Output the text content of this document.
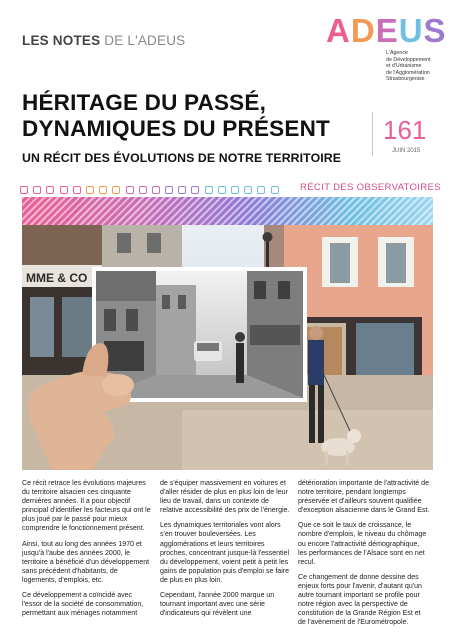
LES NOTES DE L'ADEUS	ADEUS
L'Agence
de Développement
et d'Urbanisme
de l'Agglomération
Strasbourgeoise
HÉRITAGE DU PASSÉ,
DYNAMIQUES DU PRÉSENT
UN RÉCIT DES ÉVOLUTIONS DE NOTRE TERRITOIRE
161
JUIN 2015
RÉCIT DES OBSERVATOIRES
MME & CO

Ce récit retrace les évolutions majeures du territoire alsacien ces cinquante dernières années. Il a pour objectif principal d'identifier les facteurs qui ont le plus joué par le passé pour mieux comprendre le fonctionnement présent.

Ainsi, tout au long des années 1970 et jusqu'à l'aube des années 2000, le territoire a bénéficié d'un développement sans précédent d'habitants, de logements, d'emplois, etc.

Ce développement a coïncidé avec l'essor de la société de consommation, permettant aux ménages notamment

de s'équiper massivement en voitures et d'aller résider de plus en plus loin de leur lieu de travail, dans un contexte de relative accessibilité des prix de l'énergie.

Les dynamiques territoriales vont alors s'en trouver bouleversées. Les agglomérations et leurs territoires proches, concentrant jusque-là l'essentiel du développement, voient petit à petit les gains de population puis d'emploi se faire de plus en plus loin.

Cependant, l'année 2000 marque un tournant important avec une série d'indicateurs qui révèlent une

détérioration importante de l'attractivité de notre territoire, pendant longtemps préservée et d'ailleurs souvent qualifiée d'exception alsacienne dans le Grand Est.

Que ce soit le taux de croissance, le nombre d'emplois, le niveau du chômage ou encore l'attractivité démographique, les performances de l'Alsace sont en net recul.

Ce changement de donne dessine des enjeux forts pour l'avenir, d'autant qu'un autre tournant important se profile pour notre région avec la perspective de constitution de la Grande Région Est et de l'avènement de l'Eurométropole.
